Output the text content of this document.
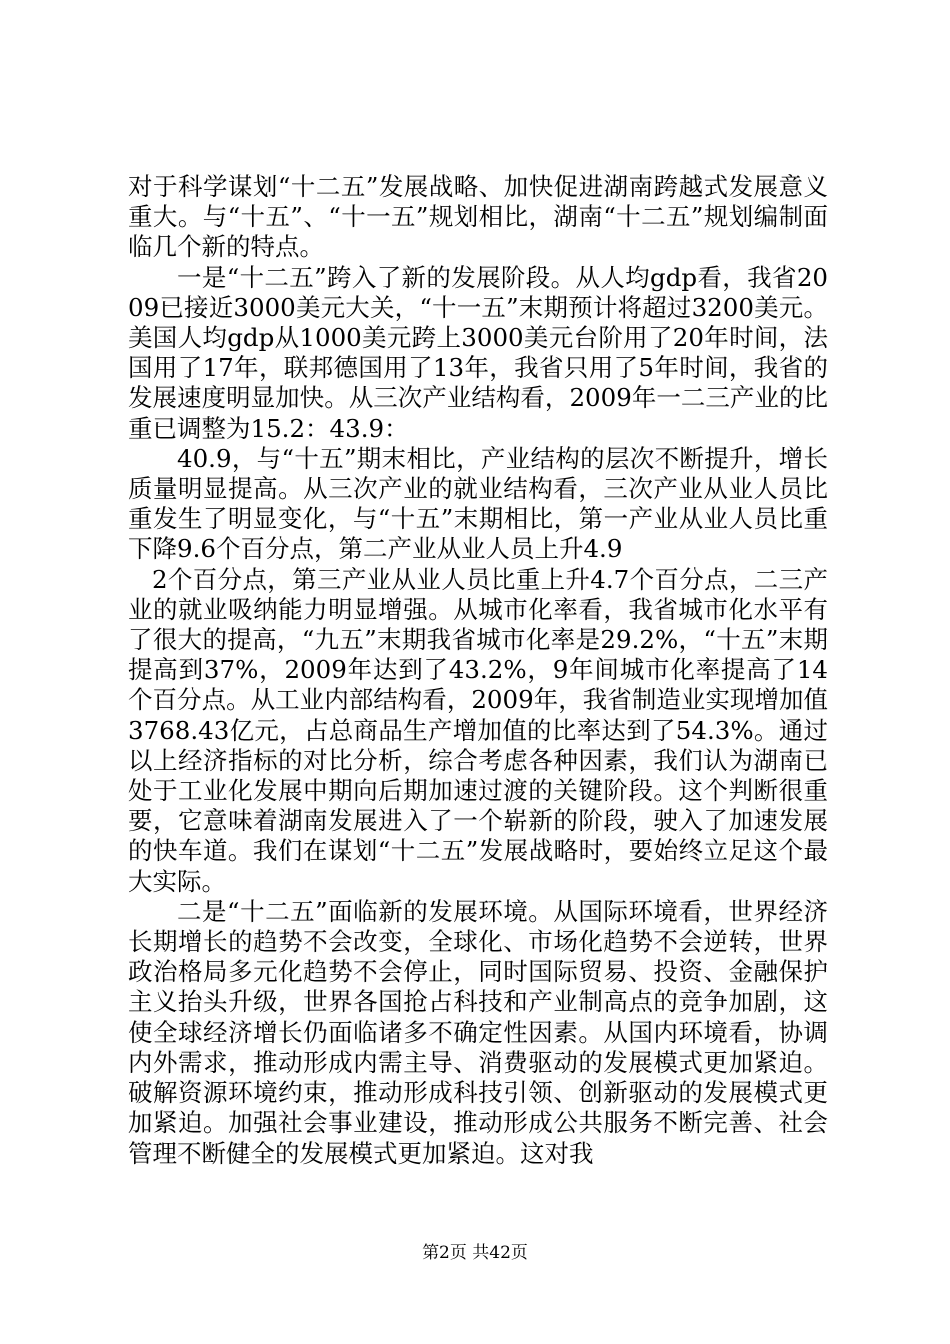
对于科学谋划“十二五”发展战略、加快促进湖南跨越式发展意义重大。与“十五”、“十一五”规划相比，湖南“十二五”规划编制面临几个新的特点。

一是“十二五”跨入了新的发展阶段。从人均gdp看，我省2009已接近3000美元大关，“十一五”末期预计将超过3200美元。美国人均gdp从1000美元跨上3000美元台阶用了20年时间，法国用了17年，联邦德国用了13年，我省只用了5年时间，我省的发展速度明显加快。从三次产业结构看，2009年一二三产业的比重已调整为15.2：43.9：

40.9，与“十五”期末相比，产业结构的层次不断提升，增长质量明显提高。从三次产业的就业结构看，三次产业从业人员比重发生了明显变化，与“十五”末期相比，第一产业从业人员比重下降9.6个百分点，第二产业从业人员上升4.9

2个百分点，第三产业从业人员比重上升4.7个百分点，二三产业的就业吸纳能力明显增强。从城市化率看，我省城市化水平有了很大的提高，“九五”末期我省城市化率是29.2%，“十五”末期提高到37%，2009年达到了43.2%，9年间城市化率提高了14个百分点。从工业内部结构看，2009年，我省制造业实现增加值3768.43亿元，占总商品生产增加值的比率达到了54.3%。通过以上经济指标的对比分析，综合考虑各种因素，我们认为湖南已处于工业化发展中期向后期加速过渡的关键阶段。这个判断很重要，它意味着湖南发展进入了一个崭新的阶段，驶入了加速发展的快车道。我们在谋划“十二五”发展战略时，要始终立足这个最大实际。

二是“十二五”面临新的发展环境。从国际环境看，世界经济长期增长的趋势不会改变，全球化、市场化趋势不会逆转，世界政治格局多元化趋势不会停止，同时国际贸易、投资、金融保护主义抬头升级，世界各国抢占科技和产业制高点的竞争加剧，这使全球经济增长仍面临诸多不确定性因素。从国内环境看，协调内外需求，推动形成内需主导、消费驱动的发展模式更加紧迫。破解资源环境约束，推动形成科技引领、创新驱动的发展模式更加紧迫。加强社会事业建设，推动形成公共服务不断完善、社会管理不断健全的发展模式更加紧迫。这对我

第2页 共42页
